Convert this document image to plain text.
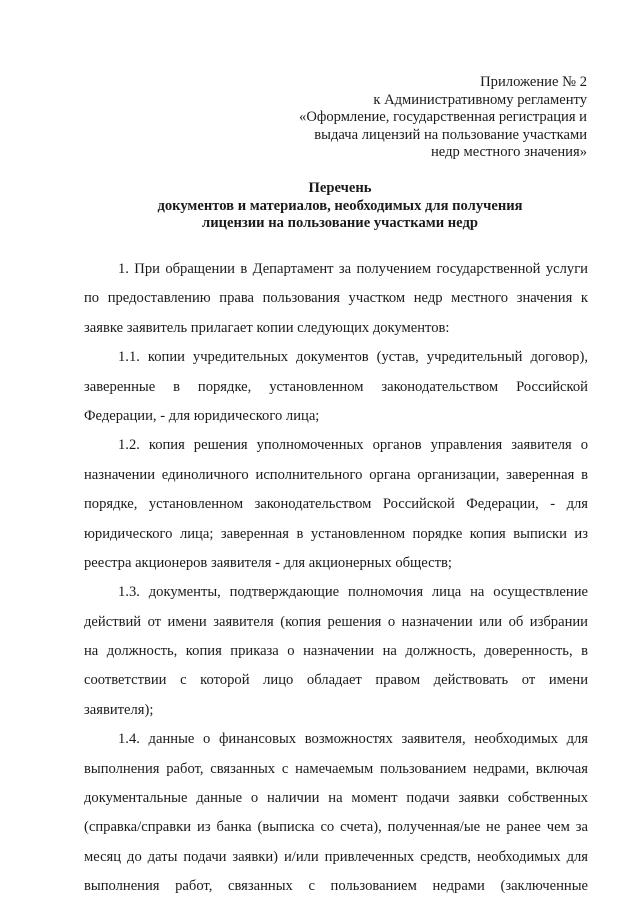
Приложение № 2
к Административному регламенту
«Оформление, государственная регистрация и
выдача лицензий на пользование участками
недр местного значения»
Перечень
документов и материалов, необходимых для получения
лицензии на пользование участками недр

1. При обращении в Департамент за получением государственной услуги
по предоставлению права пользования участком недр местного значения к
заявке заявитель прилагает копии следующих документов:

1.1. копии учредительных документов (устав, учредительный договор),
заверенные в порядке, установленном законодательством Российской
Федерации, - для юридического лица;

1.2. копия решения уполномоченных органов управления заявителя о
назначении единоличного исполнительного органа организации, заверенная в
порядке, установленном законодательством Российской Федерации, - для
юридического лица; заверенная в установленном порядке копия выписки из
реестра акционеров заявителя - для акционерных обществ;

1.3. документы, подтверждающие полномочия лица на осуществление
действий от имени заявителя (копия решения о назначении или об избрании
на должность, копия приказа о назначении на должность, доверенность, в
соответствии с которой лицо обладает правом действовать от имени
заявителя);

1.4. данные о финансовых возможностях заявителя, необходимых для
выполнения работ, связанных с намечаемым пользованием недрами, включая
документальные данные о наличии на момент подачи заявки собственных
(справка/справки из банка (выписка со счета), полученная/ые не ранее чем за
месяц до даты подачи заявки) и/или привлеченных средств, необходимых для
выполнения работ, связанных с пользованием недрами (заключенные
